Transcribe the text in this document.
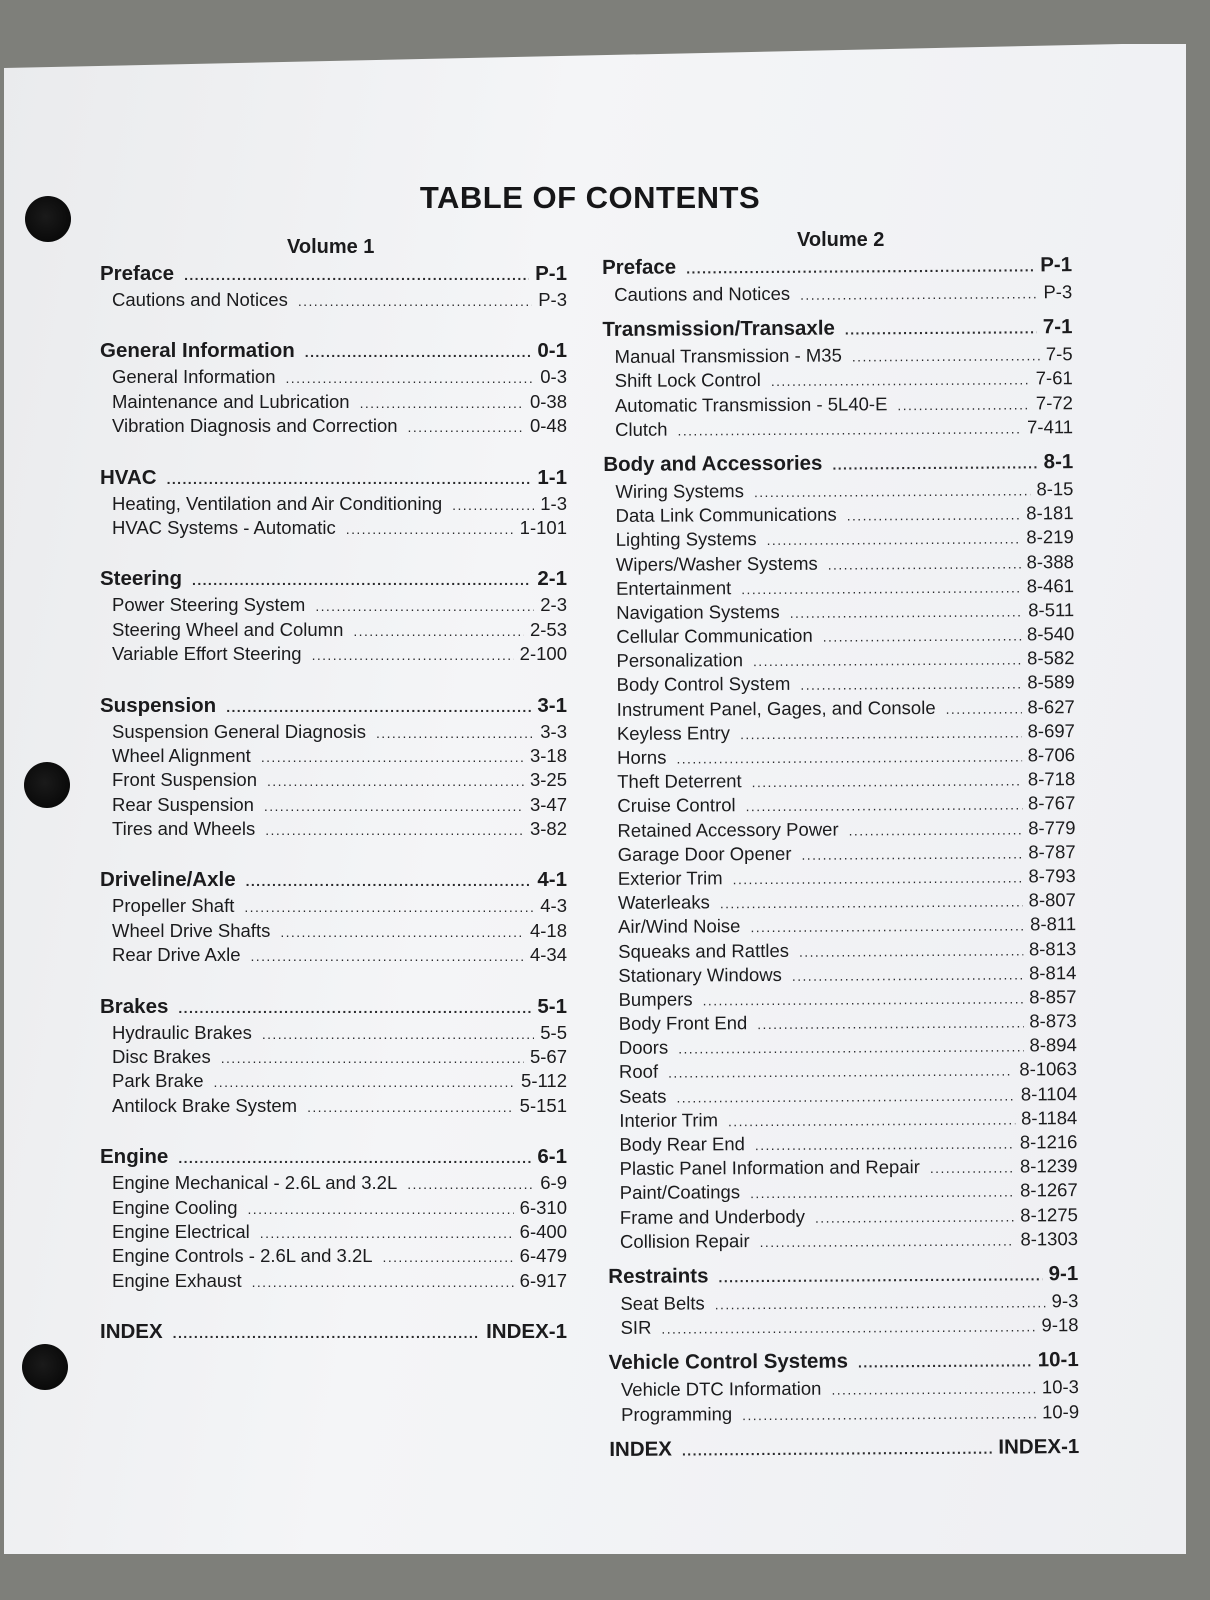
TABLE OF CONTENTS
Volume 1	Volume 2
Preface .....	P-1
Cautions and Notices .....	P-3
General Information .....	0-1
General Information .....	0-3
Maintenance and Lubrication .....	0-38
Vibration Diagnosis and Correction .....	0-48
HVAC .....	1-1
Heating, Ventilation and Air Conditioning .....	1-3
HVAC Systems - Automatic .....	1-101
Steering .....	2-1
Power Steering System .....	2-3
Steering Wheel and Column .....	2-53
Variable Effort Steering .....	2-100
Suspension .....	3-1
Suspension General Diagnosis .....	3-3
Wheel Alignment .....	3-18
Front Suspension .....	3-25
Rear Suspension .....	3-47
Tires and Wheels .....	3-82
Driveline/Axle .....	4-1
Propeller Shaft .....	4-3
Wheel Drive Shafts .....	4-18
Rear Drive Axle .....	4-34
Brakes .....	5-1
Hydraulic Brakes .....	5-5
Disc Brakes .....	5-67
Park Brake .....	5-112
Antilock Brake System .....	5-151
Engine .....	6-1
Engine Mechanical - 2.6L and 3.2L .....	6-9
Engine Cooling .....	6-310
Engine Electrical .....	6-400
Engine Controls - 2.6L and 3.2L .....	6-479
Engine Exhaust .....	6-917
INDEX .....	INDEX-1
Preface .....	P-1
Cautions and Notices .....	P-3
Transmission/Transaxle .....	7-1
Manual Transmission - M35 .....	7-5
Shift Lock Control .....	7-61
Automatic Transmission - 5L40-E .....	7-72
Clutch .....	7-411
Body and Accessories .....	8-1
Wiring Systems .....	8-15
Data Link Communications .....	8-181
Lighting Systems .....	8-219
Wipers/Washer Systems .....	8-388
Entertainment .....	8-461
Navigation Systems .....	8-511
Cellular Communication .....	8-540
Personalization .....	8-582
Body Control System .....	8-589
Instrument Panel, Gages, and Console .....	8-627
Keyless Entry .....	8-697
Horns .....	8-706
Theft Deterrent .....	8-718
Cruise Control .....	8-767
Retained Accessory Power .....	8-779
Garage Door Opener .....	8-787
Exterior Trim .....	8-793
Waterleaks .....	8-807
Air/Wind Noise .....	8-811
Squeaks and Rattles .....	8-813
Stationary Windows .....	8-814
Bumpers .....	8-857
Body Front End .....	8-873
Doors .....	8-894
Roof .....	8-1063
Seats .....	8-1104
Interior Trim .....	8-1184
Body Rear End .....	8-1216
Plastic Panel Information and Repair .....	8-1239
Paint/Coatings .....	8-1267
Frame and Underbody .....	8-1275
Collision Repair .....	8-1303
Restraints .....	9-1
Seat Belts .....	9-3
SIR .....	9-18
Vehicle Control Systems .....	10-1
Vehicle DTC Information .....	10-3
Programming .....	10-9
INDEX .....	INDEX-1
